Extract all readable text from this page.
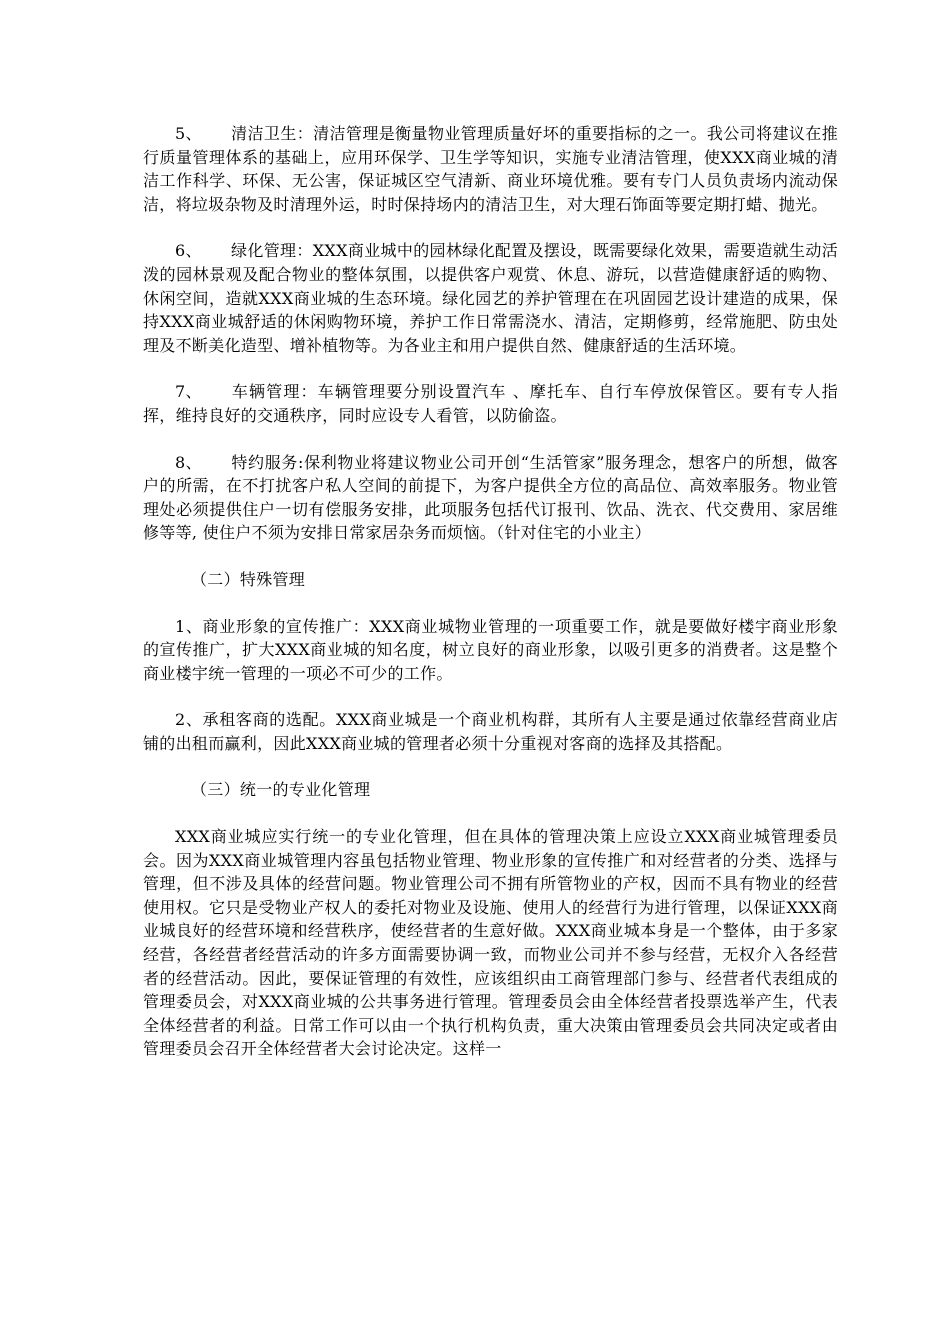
5、 清洁卫生：清洁管理是衡量物业管理质量好坏的重要指标的之一。我公司将建议在推行质量管理体系的基础上，应用环保学、卫生学等知识，实施专业清洁管理，使XXX商业城的清洁工作科学、环保、无公害，保证城区空气清新、商业环境优雅。要有专门人员负责场内流动保洁，将垃圾杂物及时清理外运，时时保持场内的清洁卫生，对大理石饰面等要定期打蜡、抛光。

6、 绿化管理：XXX商业城中的园林绿化配置及摆设，既需要绿化效果，需要造就生动活泼的园林景观及配合物业的整体氛围，以提供客户观赏、休息、游玩，以营造健康舒适的购物、休闲空间，造就XXX商业城的生态环境。绿化园艺的养护管理在在巩固园艺设计建造的成果，保持XXX商业城舒适的休闲购物环境，养护工作日常需浇水、清洁，定期修剪，经常施肥、防虫处理及不断美化造型、增补植物等。为各业主和用户提供自然、健康舒适的生活环境。

7、 车辆管理：车辆管理要分别设置汽车 、摩托车、自行车停放保管区。要有专人指挥，维持良好的交通秩序，同时应设专人看管，以防偷盗。

8、 特约服务:保利物业将建议物业公司开创“生活管家”服务理念，想客户的所想，做客户的所需，在不打扰客户私人空间的前提下，为客户提供全方位的高品位、高效率服务。物业管理处必须提供住户一切有偿服务安排，此项服务包括代订报刊、饮品、洗衣、代交费用、家居维修等等, 使住户不须为安排日常家居杂务而烦恼。（针对住宅的小业主）

（二）特殊管理

1、商业形象的宣传推广：XXX商业城物业管理的一项重要工作，就是要做好楼宇商业形象的宣传推广，扩大XXX商业城的知名度，树立良好的商业形象，以吸引更多的消费者。这是整个商业楼宇统一管理的一项必不可少的工作。

2、承租客商的选配。XXX商业城是一个商业机构群，其所有人主要是通过依靠经营商业店铺的出租而赢利，因此XXX商业城的管理者必须十分重视对客商的选择及其搭配。

（三）统一的专业化管理

XXX商业城应实行统一的专业化管理，但在具体的管理决策上应设立XXX商业城管理委员会。因为XXX商业城管理内容虽包括物业管理、物业形象的宣传推广和对经营者的分类、选择与管理，但不涉及具体的经营问题。物业管理公司不拥有所管物业的产权，因而不具有物业的经营使用权。它只是受物业产权人的委托对物业及设施、使用人的经营行为进行管理，以保证XXX商业城良好的经营环境和经营秩序，使经营者的生意好做。XXX商业城本身是一个整体，由于多家经营，各经营者经营活动的许多方面需要协调一致，而物业公司并不参与经营，无权介入各经营者的经营活动。因此，要保证管理的有效性，应该组织由工商管理部门参与、经营者代表组成的管理委员会，对XXX商业城的公共事务进行管理。管理委员会由全体经营者投票选举产生，代表全体经营者的利益。日常工作可以由一个执行机构负责，重大决策由管理委员会共同决定或者由管理委员会召开全体经营者大会讨论决定。这样一
